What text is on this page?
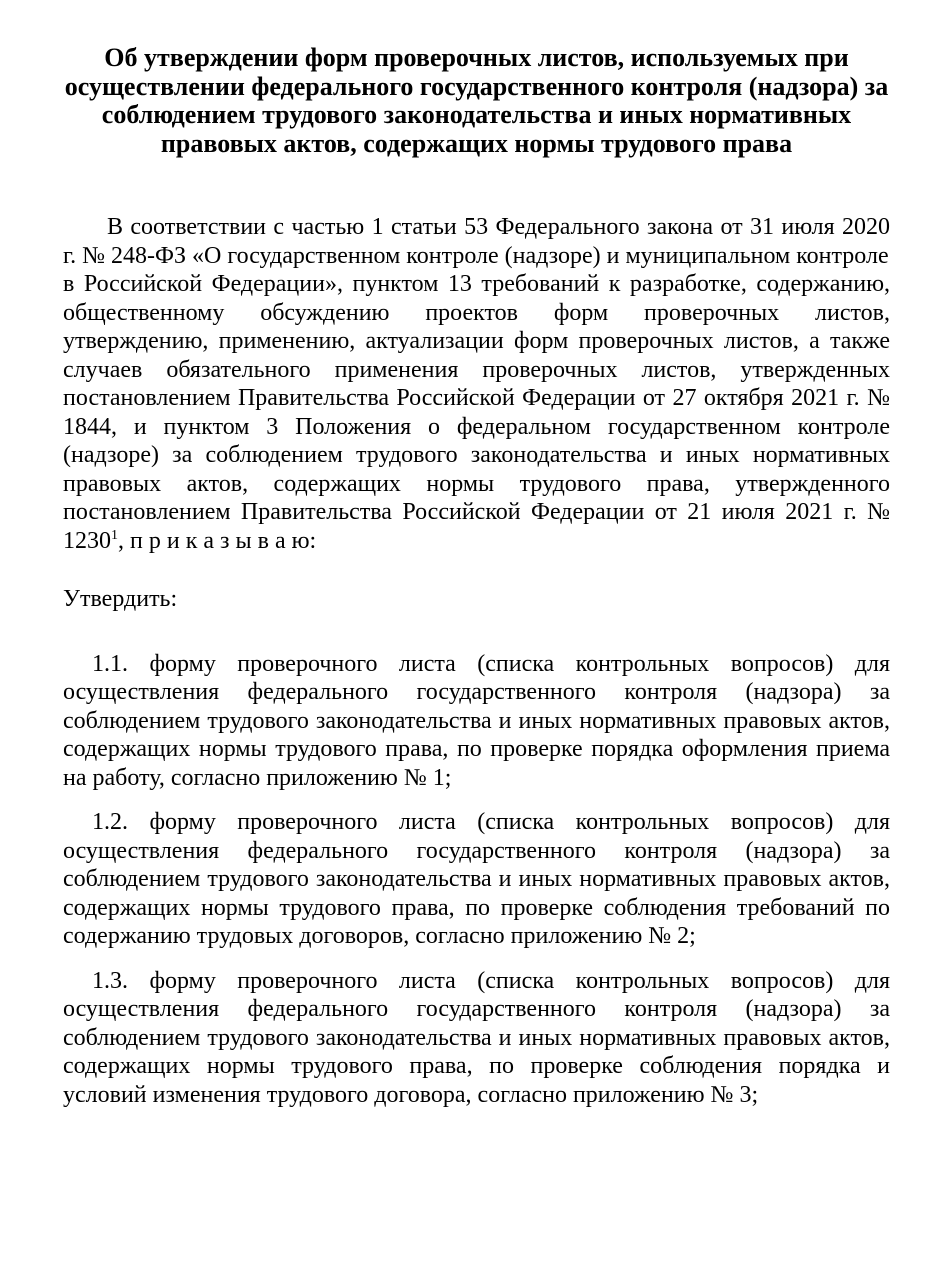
Об утверждении форм проверочных листов, используемых при осуществлении федерального государственного контроля (надзора) за соблюдением трудового законодательства и иных нормативных правовых актов, содержащих нормы трудового права

В соответствии с частью 1 статьи 53 Федерального закона от 31 июля 2020 г. № 248-ФЗ «О государственном контроле (надзоре) и муниципальном контроле

в Российской Федерации», пунктом 13 требований к разработке, содержанию, общественному обсуждению проектов форм проверочных листов, утверждению, применению, актуализации форм проверочных листов, а также случаев обязательного применения проверочных листов, утвержденных постановлением Правительства Российской Федерации от 27 октября 2021 г. № 1844, и пунктом 3 Положения о федеральном государственном контроле (надзоре) за соблюдением трудового законодательства и иных нормативных правовых актов, содержащих нормы трудового права, утвержденного постановлением Правительства Российской Федерации от 21 июля 2021 г. № 1230$^1$, п р и к а з ы в а ю:

Утвердить:

1.1. форму проверочного листа (списка контрольных вопросов) для осуществления федерального государственного контроля (надзора) за соблюдением трудового законодательства и иных нормативных правовых актов, содержащих нормы трудового права, по проверке порядка оформления приема на работу, согласно приложению № 1;

1.2. форму проверочного листа (списка контрольных вопросов) для осуществления федерального государственного контроля (надзора) за соблюдением трудового законодательства и иных нормативных правовых актов, содержащих нормы трудового права, по проверке соблюдения требований по содержанию трудовых договоров, согласно приложению № 2;

1.3. форму проверочного листа (списка контрольных вопросов) для осуществления федерального государственного контроля (надзора) за соблюдением трудового законодательства и иных нормативных правовых актов, содержащих нормы трудового права, по проверке соблюдения порядка и условий изменения трудового договора, согласно приложению № 3;
